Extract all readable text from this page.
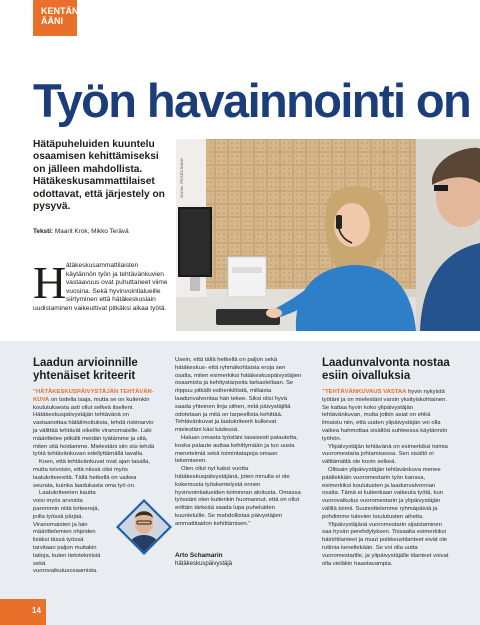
KENTÄN
ÄÄNI
Työn havainnointi on

Hätäpuheluiden kuuntelu osaamisen kehittämiseksi on jälleen mahdollista. Hätäkeskusammattilaiset odottavat, että järjestely on pysyvä.

Teksti: Maarit Krok, Mikko Terävä
KUVA: PEXELS/AIO

Hätäkeskusammattilaisten käytännön työn ja tehtävänkuvien vastaavuus ovat puhuttaneet viime vuosina. Sekä hyvinvointialueille siirtyminen että hätäkeskuslain uudistaminen vaikeuttivat pitkäksi aikaa työtä.

Laadun arvioinnille yhtenäiset kriteerit

”HÄTÄKESKUSPÄIVYSTÄJÄN TEHTÄVÄN-KUVA on todella laaja, mutta se on kuitenkin koulutuksesta asti ollut selkeä itselleni. Hätäkeskuspäivystäjän tehtävänä on vastaanottaa hätäilmoituksia, tehdä riskinarvio ja välittää tehtävät oikeille viranomaisille. Laki määrittelee pitkälti meidän tyätämme ja sitä, miten sitä hoidamme. Mielestäni siin siis tehdä työtä tehtävänkuvan edellyttämällä tavalla.

Koen, että tehtävänkuvat ovat ajan tasalla, mutta toivoisin, että niissä olisi myös laatukriteereitä. Tällä hetkellä on vaikea seurata, kuinka laadukasta oma työ on.

Laatukriteerien kautta voisi myös arvioida paremmin niitä kriteerejä, joilla työssä pärjää. Viranomaisten ja lain määrittelemien ohjeiden lisäksi tässä työssä tarvitaan paljon muitakin taitoja, kuten tietotekniisiä sekä vuorovaikutusosaamista.

Usein, että tällä hetkellä on paljon sekä hätäkeskus- että ryhmäkohtaisia eroja sen osalta, miten esimerkiksi hätäkeskuspäivystäjien osaamista ja kehitystarpeita tarkastellaan. Se riippuu pitkälti esihenkilöstä, millaista laadunvalvontaa hän tekee. Siksi olisi hyvä saada yhteinen linja siihen, mitä päivystäjiltä odotetaan ja mitä on tarpeellista kehittää. Tehtävänkuvat ja laatukriteerit kulkevat mielestäni käsi kädessä.

Haluan omasta työstäni tasaisesti palautetta, koska palaute auttaa kehittymään ja tuo uusia menetelmiä sekä toimintatapoja omaan tekemiseen.

Olen ollut nyt kaksi vuotta hätäkeskuspäivystäjänä, joten minulla ei ole kokemusta työskentelystä ennen hyvinvointialueiden toiminnan aloitusta. Omassa työssäni olen kuitenkin huomannut, että on ollut erittäin tärkeää saada lupa puheluiden kuunteluille. Se mahdollistaa päivystäjien ammattitaidon kehittämisen.”

Arto Schamarin
hätäkeskuspäivystäjä
Laadunvalvonta nostaa esiin oivalluksia

”TEHTÄVÄNKUVAUS VASTAA hyvin nykyistä työtäni ja on mielestäni varsin yksityiskohtainen. Se kattaa hyvin koko ylipäivystäjän tehtävänkuvan, mutta jotkin asiat on ehkä ilmaistu niin, että uuden ylipäivystäjän voi olla vaikea hahmottaa sisältöä suhteessa käytännön työhön.

Ylipäivystäjän tehtävänä on esimerkiksi toimia vuoromestaria johtamisessa. Sen sisältö ei välttämättä ole kovin selkeä.

Olitsain ylipäivystäjän tehtävänkuva menee päällekkäin vuoromestarin työn kanssa, esimerkiksi koulutusten ja laadunvalvonnan osalta. Tämä ei kuitenkaan vaikeuta työtä, kun vuorovalkutus vuoromestarin ja ylipäivystäjän välillä toimii. Suunnittelemme ryhmäpäiviä ja pohdimme tulevien koulutusten aiheita.

Ylipäivystäjänä vuoromestarin sijaistaminen saa hyvän perehdytyksen. Toisaalta esimerkiksi häiriötilanteet ja muut poikkeustilanteet eivät ole rutiinia kenellekään. Se voi olla uutta vuoromestarille, ja ylipäivystäjälle tilanteet voivat olla vieläkin haastavampia.

14
